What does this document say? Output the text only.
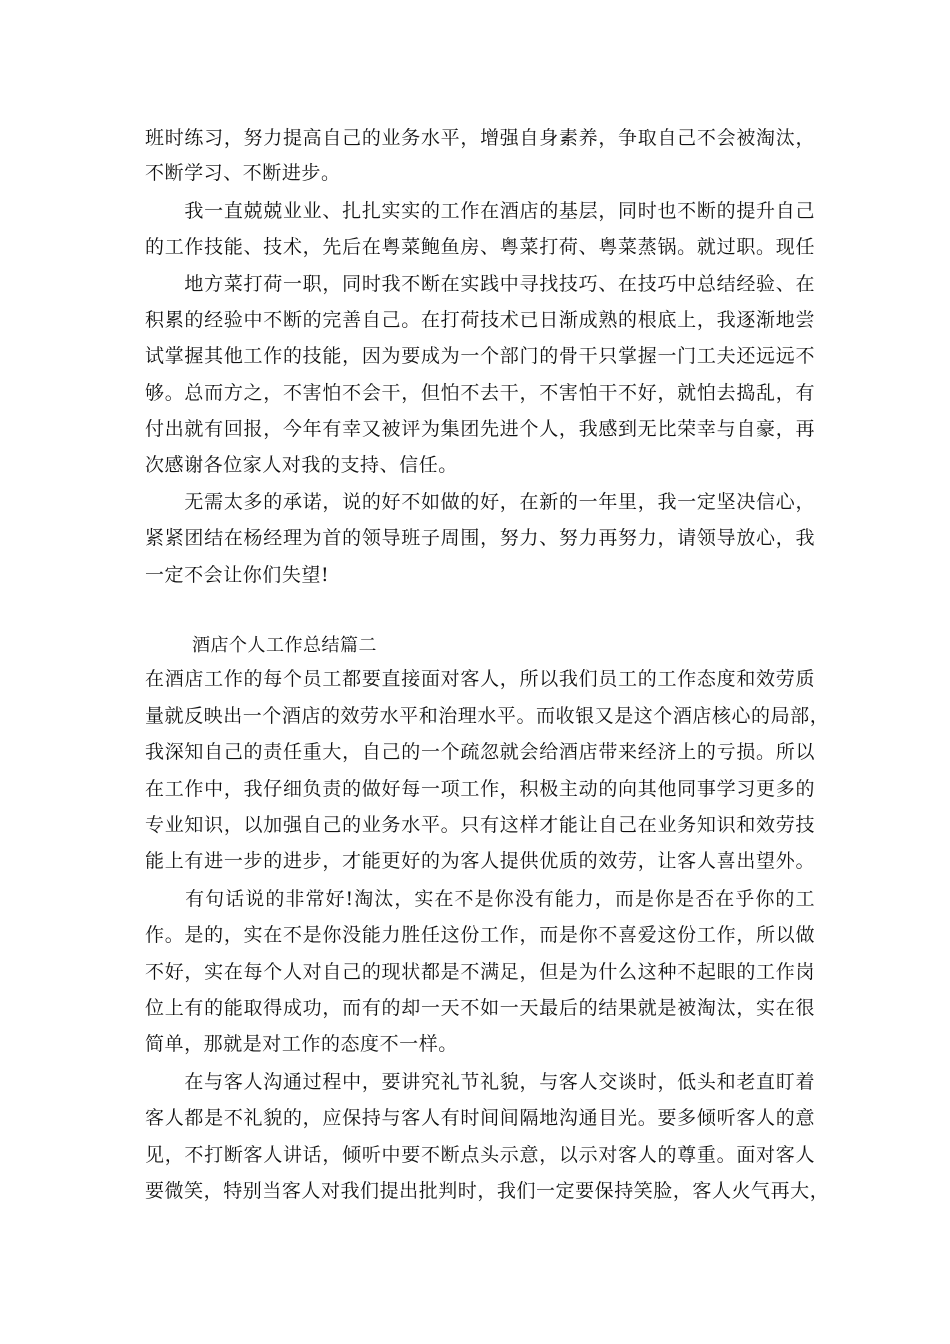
班时练习，努力提高自己的业务水平，增强自身素养，争取自己不会被淘汰，
不断学习、不断进步。
　　我一直兢兢业业、扎扎实实的工作在酒店的基层，同时也不断的提升自己
的工作技能、技术，先后在粤菜鲍鱼房、粤菜打荷、粤菜蒸锅。就过职。现任
　　地方菜打荷一职，同时我不断在实践中寻找技巧、在技巧中总结经验、在
积累的经验中不断的完善自己。在打荷技术已日渐成熟的根底上，我逐渐地尝
试掌握其他工作的技能，因为要成为一个部门的骨干只掌握一门工夫还远远不
够。总而方之，不害怕不会干，但怕不去干，不害怕干不好，就怕去捣乱，有
付出就有回报，今年有幸又被评为集团先进个人，我感到无比荣幸与自豪，再
次感谢各位家人对我的支持、信任。
　　无需太多的承诺，说的好不如做的好，在新的一年里，我一定坚决信心，
紧紧团结在杨经理为首的领导班子周围，努力、努力再努力，请领导放心，我
一定不会让你们失望!
酒店个人工作总结篇二
在酒店工作的每个员工都要直接面对客人，所以我们员工的工作态度和效劳质
量就反映出一个酒店的效劳水平和治理水平。而收银又是这个酒店核心的局部，
我深知自己的责任重大，自己的一个疏忽就会给酒店带来经济上的亏损。所以
在工作中，我仔细负责的做好每一项工作，积极主动的向其他同事学习更多的
专业知识，以加强自己的业务水平。只有这样才能让自己在业务知识和效劳技
能上有进一步的进步，才能更好的为客人提供优质的效劳，让客人喜出望外。
　　有句话说的非常好!淘汰，实在不是你没有能力，而是你是否在乎你的工
作。是的，实在不是你没能力胜任这份工作，而是你不喜爱这份工作，所以做
不好，实在每个人对自己的现状都是不满足，但是为什么这种不起眼的工作岗
位上有的能取得成功，而有的却一天不如一天最后的结果就是被淘汰，实在很
简单，那就是对工作的态度不一样。
　　在与客人沟通过程中，要讲究礼节礼貌，与客人交谈时，低头和老直盯着
客人都是不礼貌的，应保持与客人有时间间隔地沟通目光。要多倾听客人的意
见，不打断客人讲话，倾听中要不断点头示意，以示对客人的尊重。面对客人
要微笑，特别当客人对我们提出批判时，我们一定要保持笑脸，客人火气再大，
